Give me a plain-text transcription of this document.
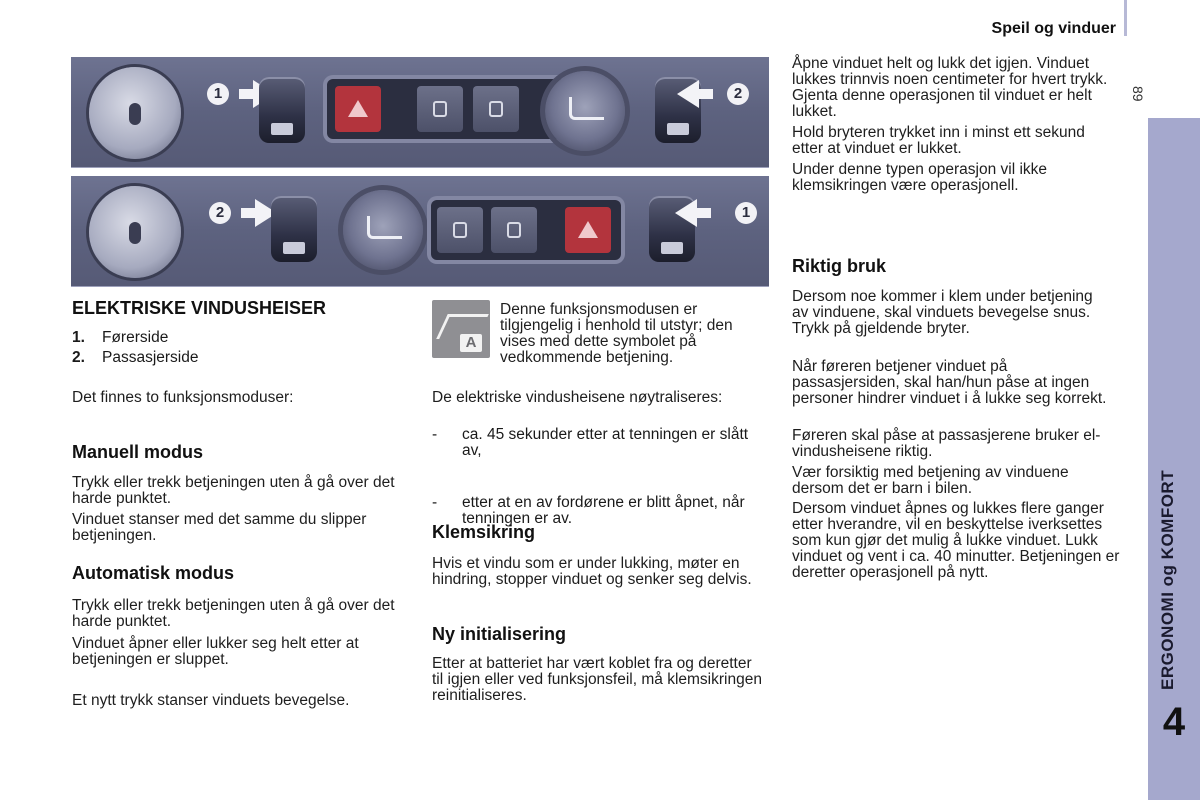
Speil og vinduer
89
ERGONOMI og KOMFORT
4
1	2
2	1
ELEKTRISKE VINDUSHEISER
1. Førerside
2. Passasjerside
Det finnes to funksjonsmoduser:
Manuell modus
Trykk eller trekk betjeningen uten å gå over det harde punktet.
Vinduet stanser med det samme du slipper betjeningen.
Automatisk modus
Trykk eller trekk betjeningen uten å gå over det harde punktet.
Vinduet åpner eller lukker seg helt etter at betjeningen er sluppet.
Et nytt trykk stanser vinduets bevegelse.
A
Denne funksjonsmodusen er tilgjengelig i henhold til utstyr; den vises med dette symbolet på vedkommende betjening.
De elektriske vindusheisene nøytraliseres:
- ca. 45 sekunder etter at tenningen er slått av,
- etter at en av fordørene er blitt åpnet, når tenningen er av.
Klemsikring
Hvis et vindu som er under lukking, møter en hindring, stopper vinduet og senker seg delvis.
Ny initialisering
Etter at batteriet har vært koblet fra og deretter til igjen eller ved funksjonsfeil, må klemsikringen reinitialiseres.
Åpne vinduet helt og lukk det igjen. Vinduet lukkes trinnvis noen centimeter for hvert trykk. Gjenta denne operasjonen til vinduet er helt lukket.
Hold bryteren trykket inn i minst ett sekund etter at vinduet er lukket.
Under denne typen operasjon vil ikke klemsikringen være operasjonell.
Riktig bruk
Dersom noe kommer i klem under betjening av vinduene, skal vinduets bevegelse snus. Trykk på gjeldende bryter.
Når føreren betjener vinduet på passasjersiden, skal han/hun påse at ingen personer hindrer vinduet i å lukke seg korrekt.
Føreren skal påse at passasjerene bruker el-vindusheisene riktig.
Vær forsiktig med betjening av vinduene dersom det er barn i bilen.
Dersom vinduet åpnes og lukkes flere ganger etter hverandre, vil en beskyttelse iverksettes som kun gjør det mulig å lukke vinduet. Lukk vinduet og vent i ca. 40 minutter. Betjeningen er deretter operasjonell på nytt.
